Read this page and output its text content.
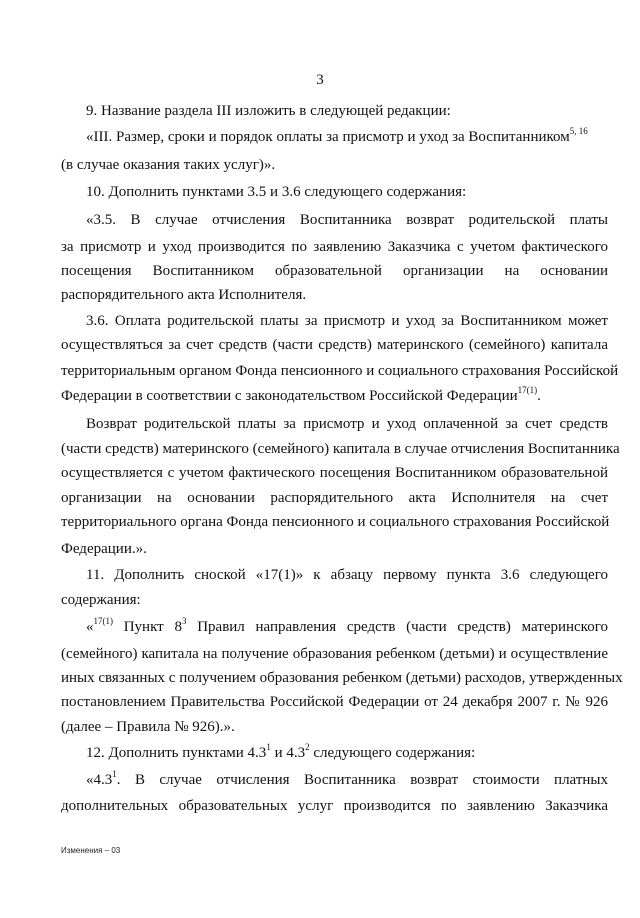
3
9. Название раздела III изложить в следующей редакции:
«III. Размер, сроки и порядок оплаты за присмотр и уход за Воспитанником$^{5, 16}$
(в случае оказания таких услуг)».
10. Дополнить пунктами 3.5 и 3.6 следующего содержания:
«3.5. В случае отчисления Воспитанника возврат родительской платы
за присмотр и уход производится по заявлению Заказчика с учетом фактического
посещения Воспитанником образовательной организации на основании
распорядительного акта Исполнителя.
3.6. Оплата родительской платы за присмотр и уход за Воспитанником может
осуществляться за счет средств (части средств) материнского (семейного) капитала
территориальным органом Фонда пенсионного и социального страхования Российской
Федерации в соответствии с законодательством Российской Федерации$^{17(1)}$.
Возврат родительской платы за присмотр и уход оплаченной за счет средств
(части средств) материнского (семейного) капитала в случае отчисления Воспитанника
осуществляется с учетом фактического посещения Воспитанником образовательной
организации на основании распорядительного акта Исполнителя на счет
территориального органа Фонда пенсионного и социального страхования Российской
Федерации.».
11. Дополнить сноской «17(1)» к абзацу первому пункта 3.6 следующего
содержания:
«$^{17(1)}$ Пункт $8^3$ Правил направления средств (части средств) материнского
(семейного) капитала на получение образования ребенком (детьми) и осуществление
иных связанных с получением образования ребенком (детьми) расходов, утвержденных
постановлением Правительства Российской Федерации от 24 декабря 2007 г. № 926
(далее – Правила № 926).».
12. Дополнить пунктами $4.3^1$ и $4.3^2$ следующего содержания:
«$4.3^1$. В случае отчисления Воспитанника возврат стоимости платных
дополнительных образовательных услуг производится по заявлению Заказчика
Изменения – 03
